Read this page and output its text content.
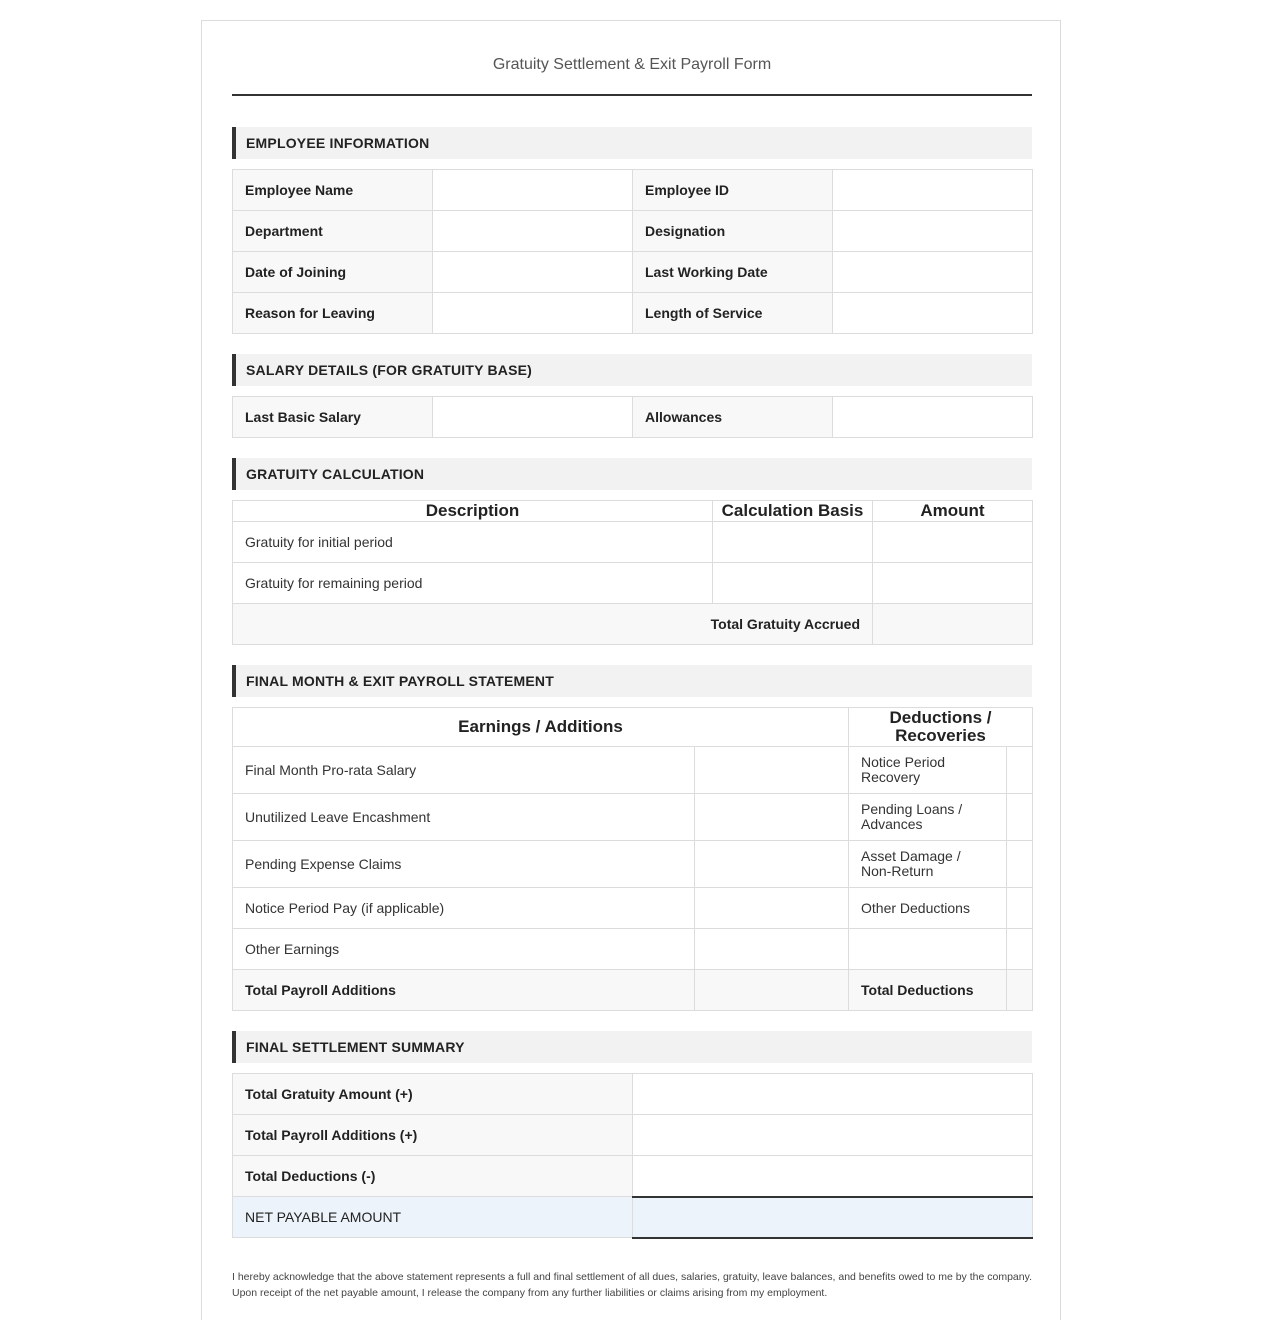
Gratuity Settlement & Exit Payroll Form
EMPLOYEE INFORMATION
Employee Name		Employee ID	
Department		Designation	
Date of Joining		Last Working Date	
Reason for Leaving		Length of Service	
SALARY DETAILS (FOR GRATUITY BASE)
Last Basic Salary		Allowances	
GRATUITY CALCULATION
Description	Calculation Basis	Amount
Gratuity for initial period		
Gratuity for remaining period		
Total Gratuity Accrued		
FINAL MONTH & EXIT PAYROLL STATEMENT
Earnings / Additions		Deductions / Recoveries	
Final Month Pro-rata Salary		Notice Period Recovery	
Unutilized Leave Encashment		Pending Loans / Advances	
Pending Expense Claims		Asset Damage / Non-Return	
Notice Period Pay (if applicable)		Other Deductions	
Other Earnings			
Total Payroll Additions		Total Deductions	
FINAL SETTLEMENT SUMMARY
Total Gratuity Amount (+)	
Total Payroll Additions (+)	
Total Deductions (-)	
NET PAYABLE AMOUNT	
I hereby acknowledge that the above statement represents a full and final settlement of all dues, salaries, gratuity, leave balances, and benefits owed to me by the company. Upon receipt of the net payable amount, I release the company from any further liabilities or claims arising from my employment.
